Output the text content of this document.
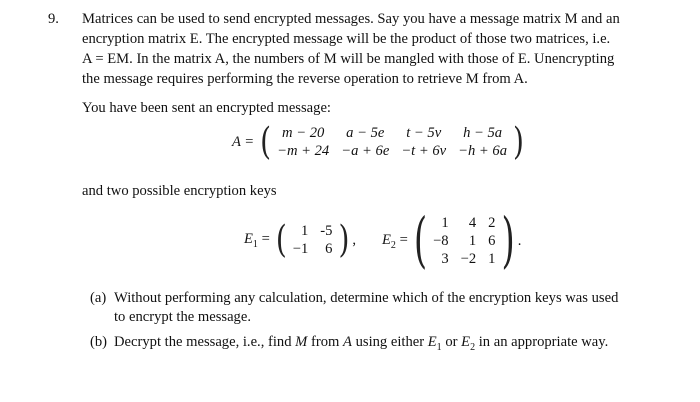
9. Matrices can be used to send encrypted messages. Say you have a message matrix M and an
encryption matrix E. The encrypted message will be the product of those two matrices, i.e.
A = EM. In the matrix A, the numbers of M will be mangled with those of E. Unencrypting
the message requires performing the reverse operation to retrieve M from A.
You have been sent an encrypted message:
A = ( m − 20	a − 5e	t − 5v	h − 5a
−m + 24	−a + 6e	−t + 6v	−h + 6a )
and two possible encryption keys
$E_1$ = ( 1	-5
−1	6 ) , $E_2$ = ( 1	4	2
−8	1	6
3	−2	1 ) .
(a) Without performing any calculation, determine which of the encryption keys was used
to encrypt the message.
(b) Decrypt the message, i.e., find M from A using either $E_1$ or $E_2$ in an appropriate way.
